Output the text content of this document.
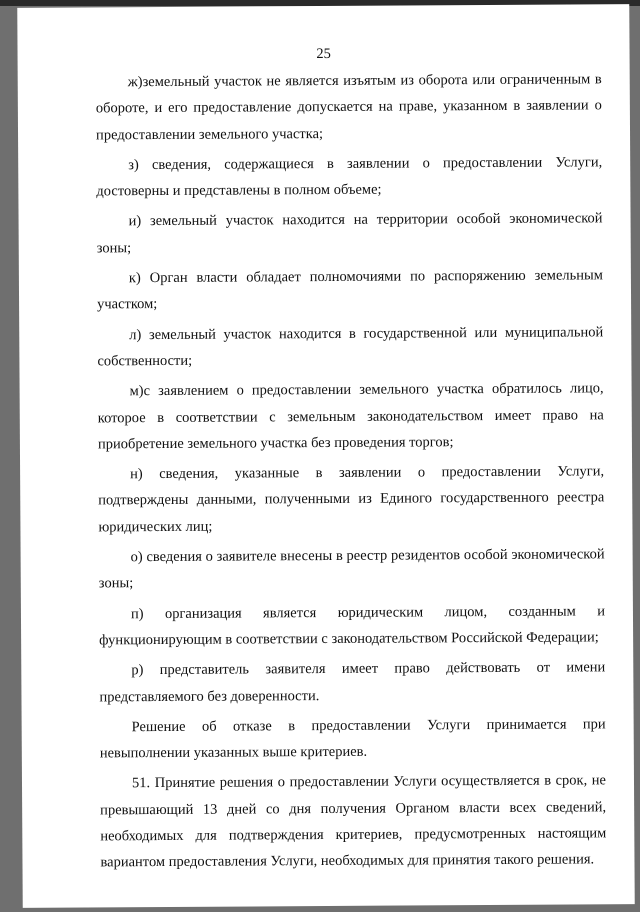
25

ж)земельный участок не является изъятым из оборота или ограниченным в обороте, и его предоставление допускается на праве, указанном в заявлении о предоставлении земельного участка;

з) сведения, содержащиеся в заявлении о предоставлении Услуги, достоверны и представлены в полном объеме;

и) земельный участок находится на территории особой экономической зоны;

к) Орган власти обладает полномочиями по распоряжению земельным участком;

л) земельный участок находится в государственной или муниципальной собственности;

м)с заявлением о предоставлении земельного участка обратилось лицо, которое в соответствии с земельным законодательством имеет право на приобретение земельного участка без проведения торгов;

н) сведения, указанные в заявлении о предоставлении Услуги, подтверждены данными, полученными из Единого государственного реестра юридических лиц;

о) сведения о заявителе внесены в реестр резидентов особой экономической зоны;

п) организация является юридическим лицом, созданным и функционирующим в соответствии с законодательством Российской Федерации;

р) представитель заявителя имеет право действовать от имени представляемого без доверенности.

Решение об отказе в предоставлении Услуги принимается при невыполнении указанных выше критериев.

51. Принятие решения о предоставлении Услуги осуществляется в срок, не превышающий 13 дней со дня получения Органом власти всех сведений, необходимых для подтверждения критериев, предусмотренных настоящим вариантом предоставления Услуги, необходимых для принятия такого решения.
